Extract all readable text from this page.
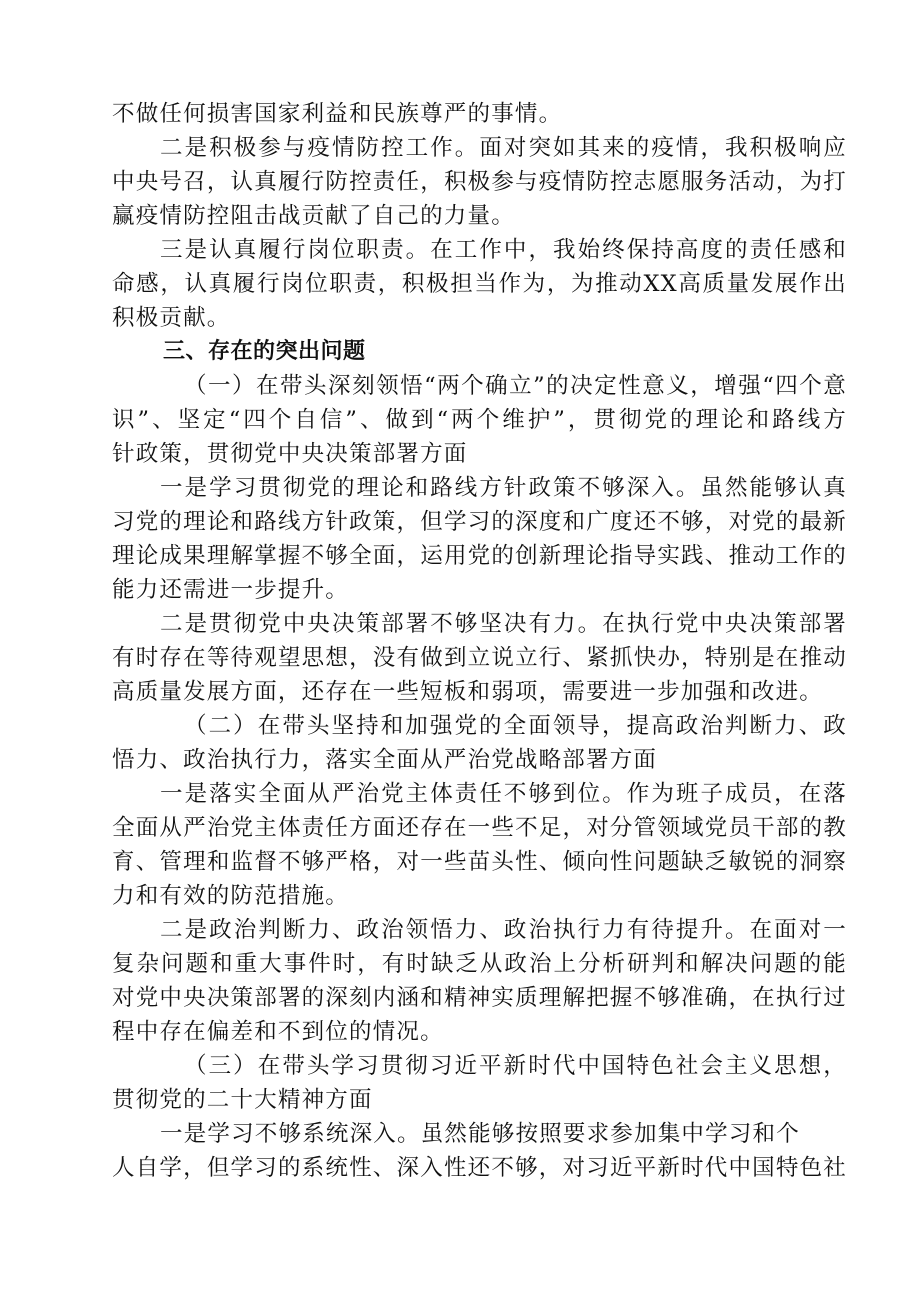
不做任何损害国家利益和民族尊严的事情。
二是积极参与疫情防控工作。面对突如其来的疫情，我积极响应
中央号召，认真履行防控责任，积极参与疫情防控志愿服务活动，为打
赢疫情防控阻击战贡献了自己的力量。
三是认真履行岗位职责。在工作中，我始终保持高度的责任感和
命感，认真履行岗位职责，积极担当作为，为推动XX高质量发展作出
积极贡献。
三、存在的突出问题
（一）在带头深刻领悟“两个确立”的决定性意义，增强“四个意
识”、坚定“四个自信”、做到“两个维护”，贯彻党的理论和路线方
针政策，贯彻党中央决策部署方面
一是学习贯彻党的理论和路线方针政策不够深入。虽然能够认真
习党的理论和路线方针政策，但学习的深度和广度还不够，对党的最新
理论成果理解掌握不够全面，运用党的创新理论指导实践、推动工作的
能力还需进一步提升。
二是贯彻党中央决策部署不够坚决有力。在执行党中央决策部署
有时存在等待观望思想，没有做到立说立行、紧抓快办，特别是在推动
高质量发展方面，还存在一些短板和弱项，需要进一步加强和改进。
（二）在带头坚持和加强党的全面领导，提高政治判断力、政
悟力、政治执行力，落实全面从严治党战略部署方面
一是落实全面从严治党主体责任不够到位。作为班子成员，在落
全面从严治党主体责任方面还存在一些不足，对分管领域党员干部的教
育、管理和监督不够严格，对一些苗头性、倾向性问题缺乏敏锐的洞察
力和有效的防范措施。
二是政治判断力、政治领悟力、政治执行力有待提升。在面对一
复杂问题和重大事件时，有时缺乏从政治上分析研判和解决问题的能
对党中央决策部署的深刻内涵和精神实质理解把握不够准确，在执行过
程中存在偏差和不到位的情况。
（三）在带头学习贯彻习近平新时代中国特色社会主义思想，
贯彻党的二十大精神方面
一是学习不够系统深入。虽然能够按照要求参加集中学习和个
人自学，但学习的系统性、深入性还不够，对习近平新时代中国特色社
